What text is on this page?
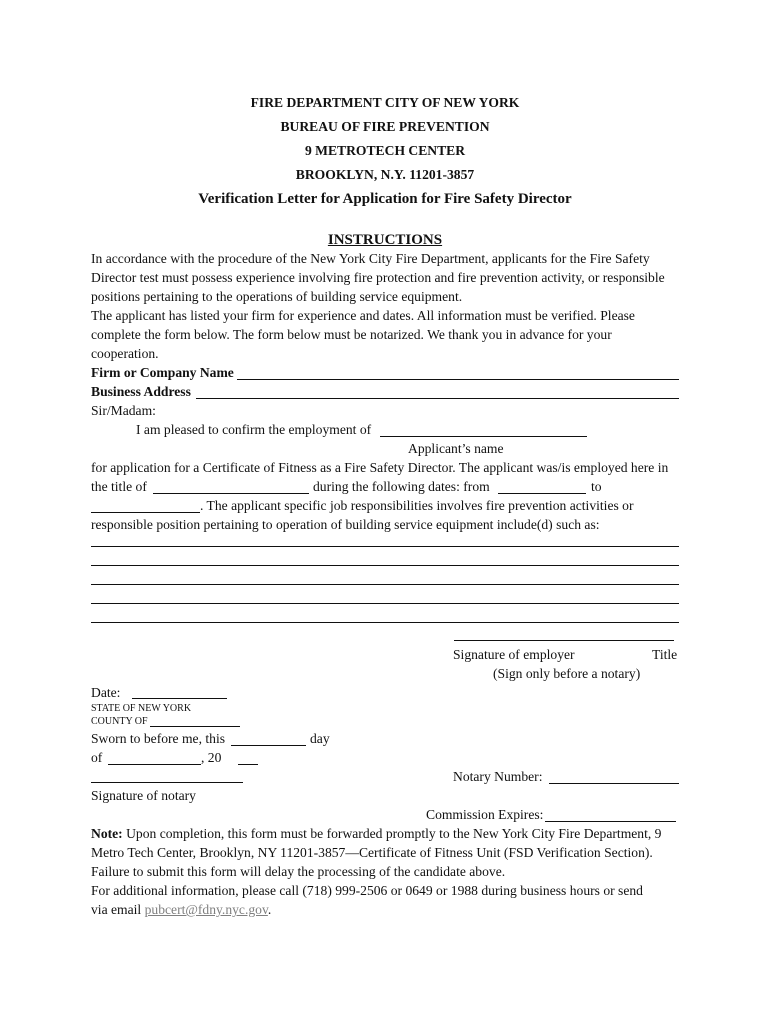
FIRE DEPARTMENT CITY OF NEW YORK
BUREAU OF FIRE PREVENTION
9 METROTECH CENTER
BROOKLYN, N.Y. 11201-3857
Verification Letter for Application for Fire Safety Director
INSTRUCTIONS
In accordance with the procedure of the New York City Fire Department, applicants for the Fire Safety
Director test must possess experience involving fire protection and fire prevention activity, or responsible
positions pertaining to the operations of building service equipment.
The applicant has listed your firm for experience and dates. All information must be verified. Please
complete the form below. The form below must be notarized. We thank you in advance for your
cooperation.
Firm or Company Name
Business Address
Sir/Madam:
I am pleased to confirm the employment of
Applicant’s name
for application for a Certificate of Fitness as a Fire Safety Director. The applicant was/is employed here in
the title of	during the following dates: from	to
. The applicant specific job responsibilities involves fire prevention activities or
responsible position pertaining to operation of building service equipment include(d) such as:
Signature of employer	Title
(Sign only before a notary)
Date:
STATE OF NEW YORK
COUNTY OF
Sworn to before me, this	day
of	, 20
Notary Number:
Signature of notary
Commission Expires:
Note: Upon completion, this form must be forwarded promptly to the New York City Fire Department, 9
Metro Tech Center, Brooklyn, NY 11201-3857—Certificate of Fitness Unit (FSD Verification Section).
Failure to submit this form will delay the processing of the candidate above.
For additional information, please call (718) 999-2506 or 0649 or 1988 during business hours or send
via email pubcert@fdny.nyc.gov.
